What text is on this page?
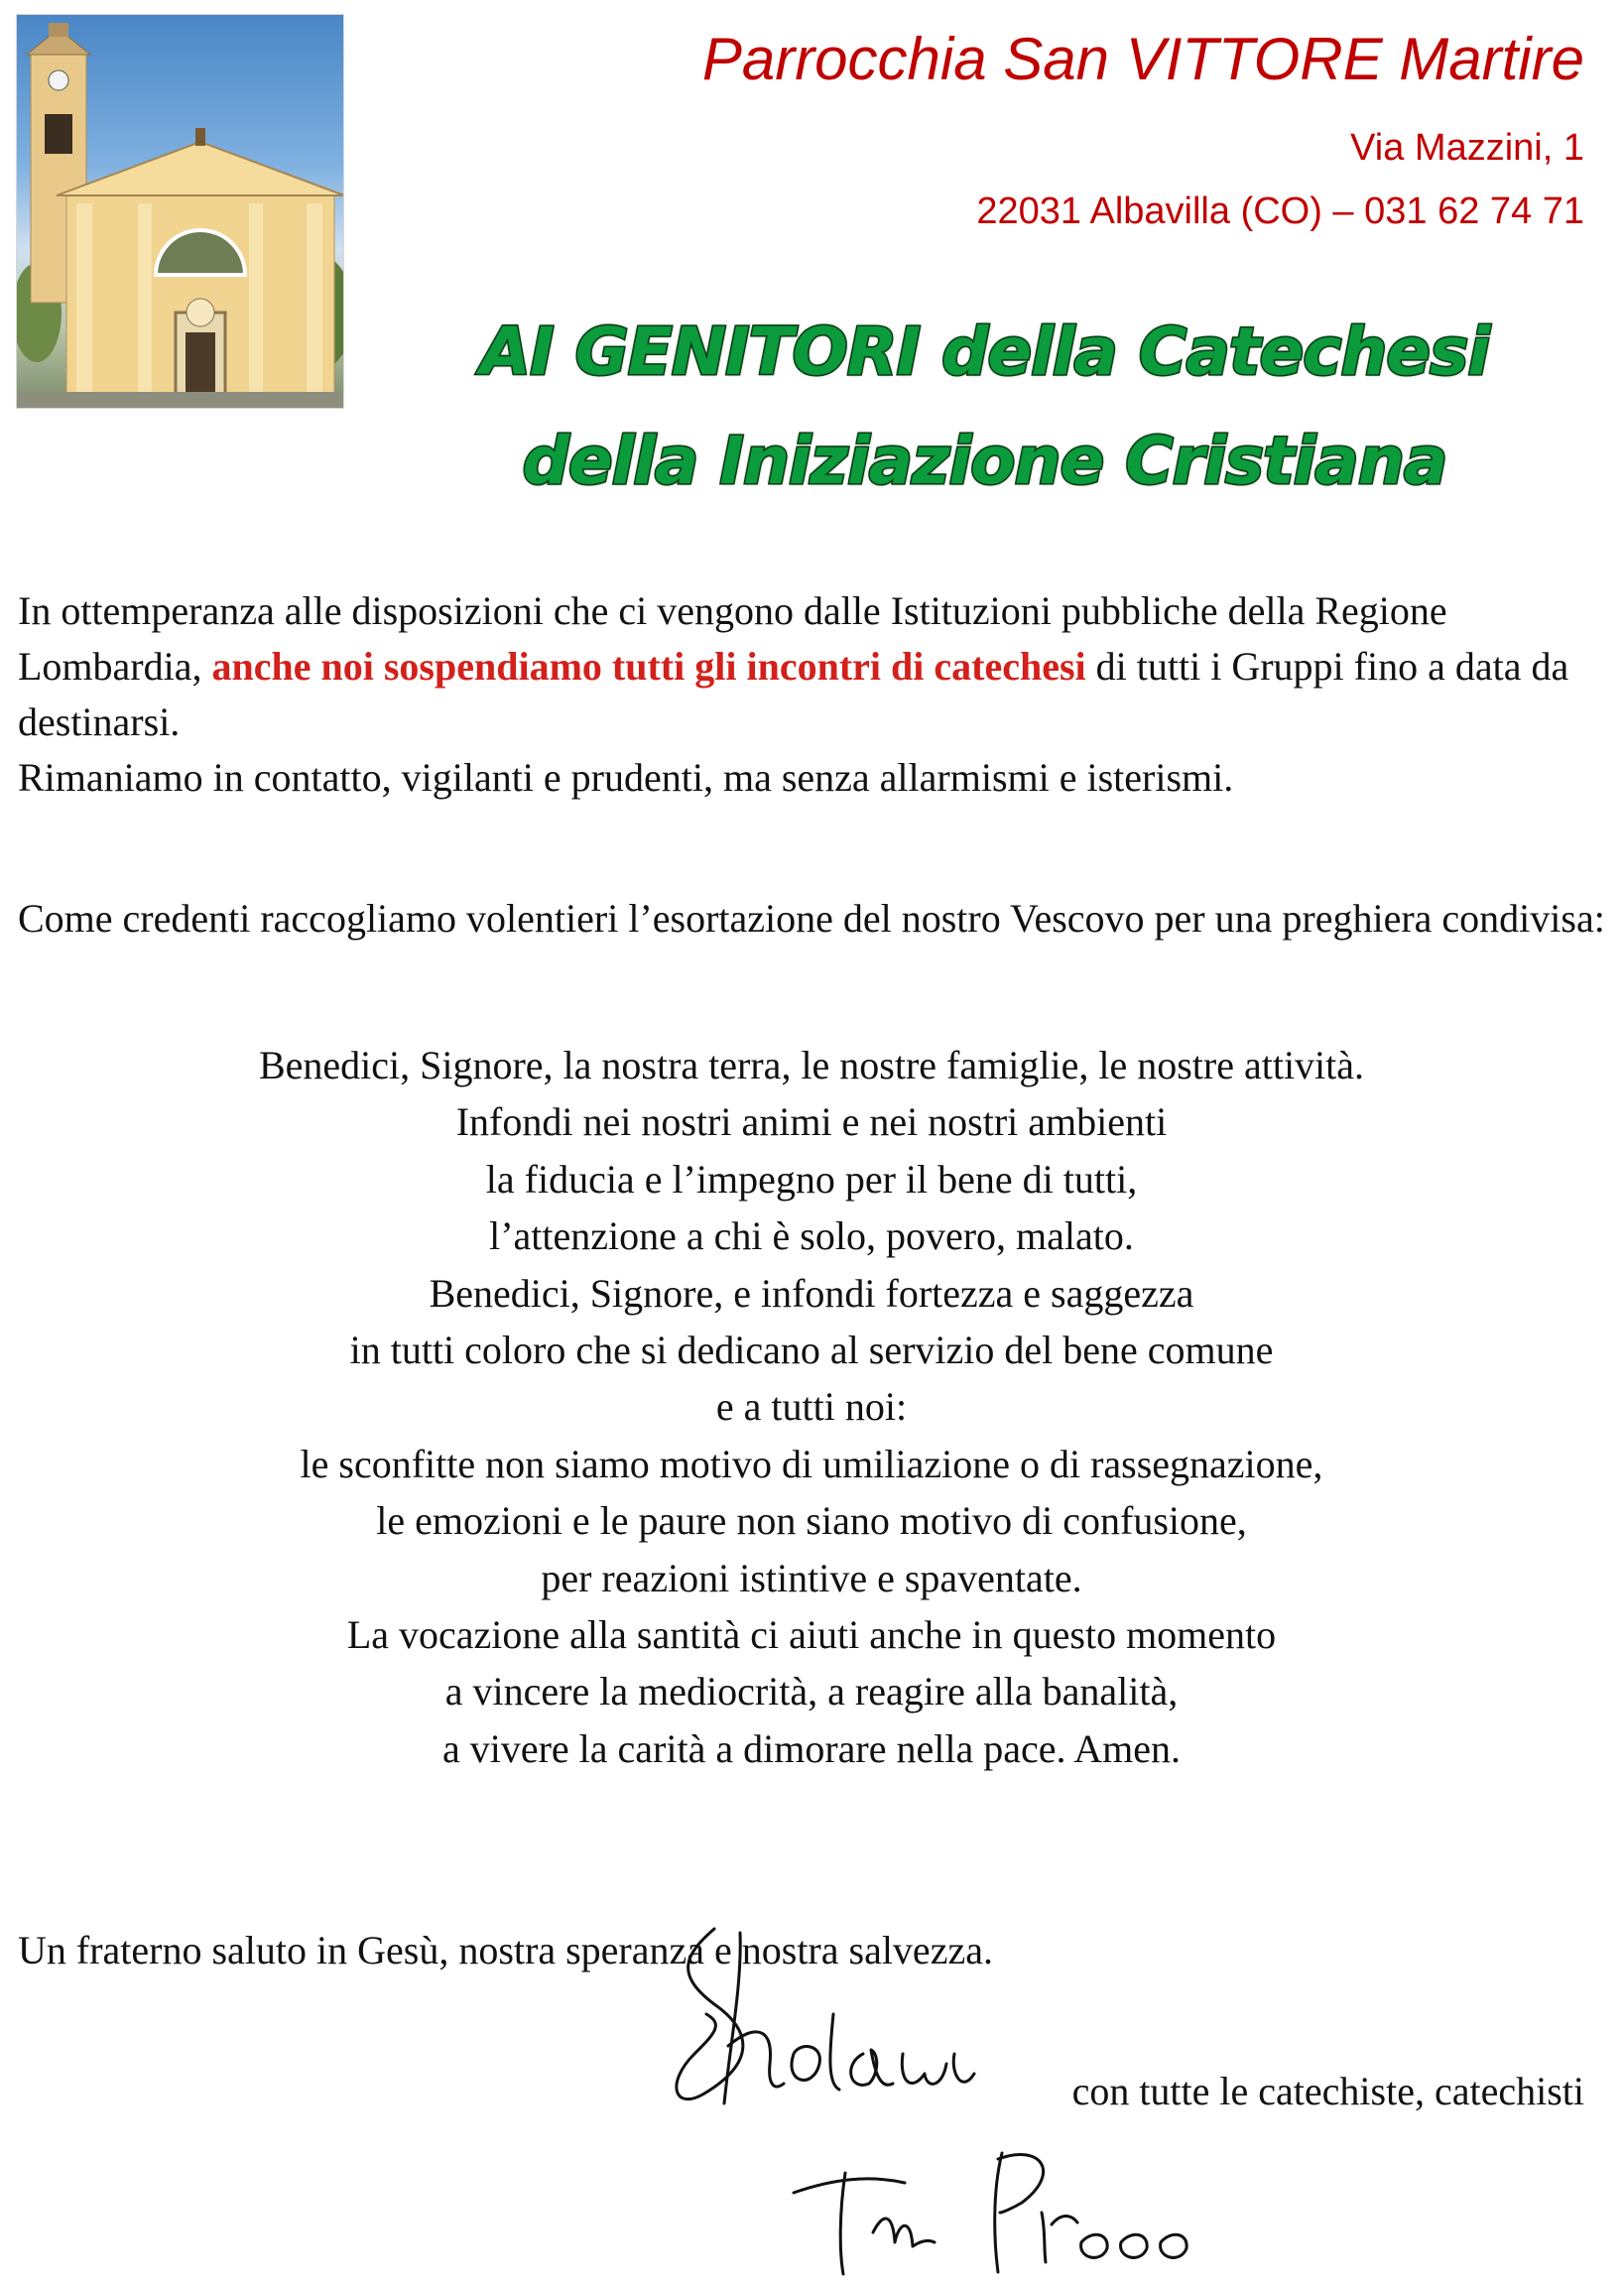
Parrocchia San VITTORE Martire

Via Mazzini, 1

22031 Albavilla (CO) – 031 62 74 71

AI GENITORI della Catechesi

della Iniziazione Cristiana

In ottemperanza alle disposizioni che ci vengono dalle Istituzioni pubbliche della Regione Lombardia, anche noi sospendiamo tutti gli incontri di catechesi di tutti i Gruppi fino a data da destinarsi.
Rimaniamo in contatto, vigilanti e prudenti, ma senza allarmismi e isterismi.

Come credenti raccogliamo volentieri l’esortazione del nostro Vescovo per una preghiera condivisa:

Benedici, Signore, la nostra terra, le nostre famiglie, le nostre attività.
Infondi nei nostri animi e nei nostri ambienti
la fiducia e l’impegno per il bene di tutti,
l’attenzione a chi è solo, povero, malato.
Benedici, Signore, e infondi fortezza e saggezza
in tutti coloro che si dedicano al servizio del bene comune
e a tutti noi:
le sconfitte non siamo motivo di umiliazione o di rassegnazione,
le emozioni e le paure non siano motivo di confusione,
per reazioni istintive e spaventate.
La vocazione alla santità ci aiuti anche in questo momento
a vincere la mediocrità, a reagire alla banalità,
a vivere la carità a dimorare nella pace. Amen.

Un fraterno saluto in Gesù, nostra speranza e nostra salvezza.

con tutte le catechiste, catechisti
